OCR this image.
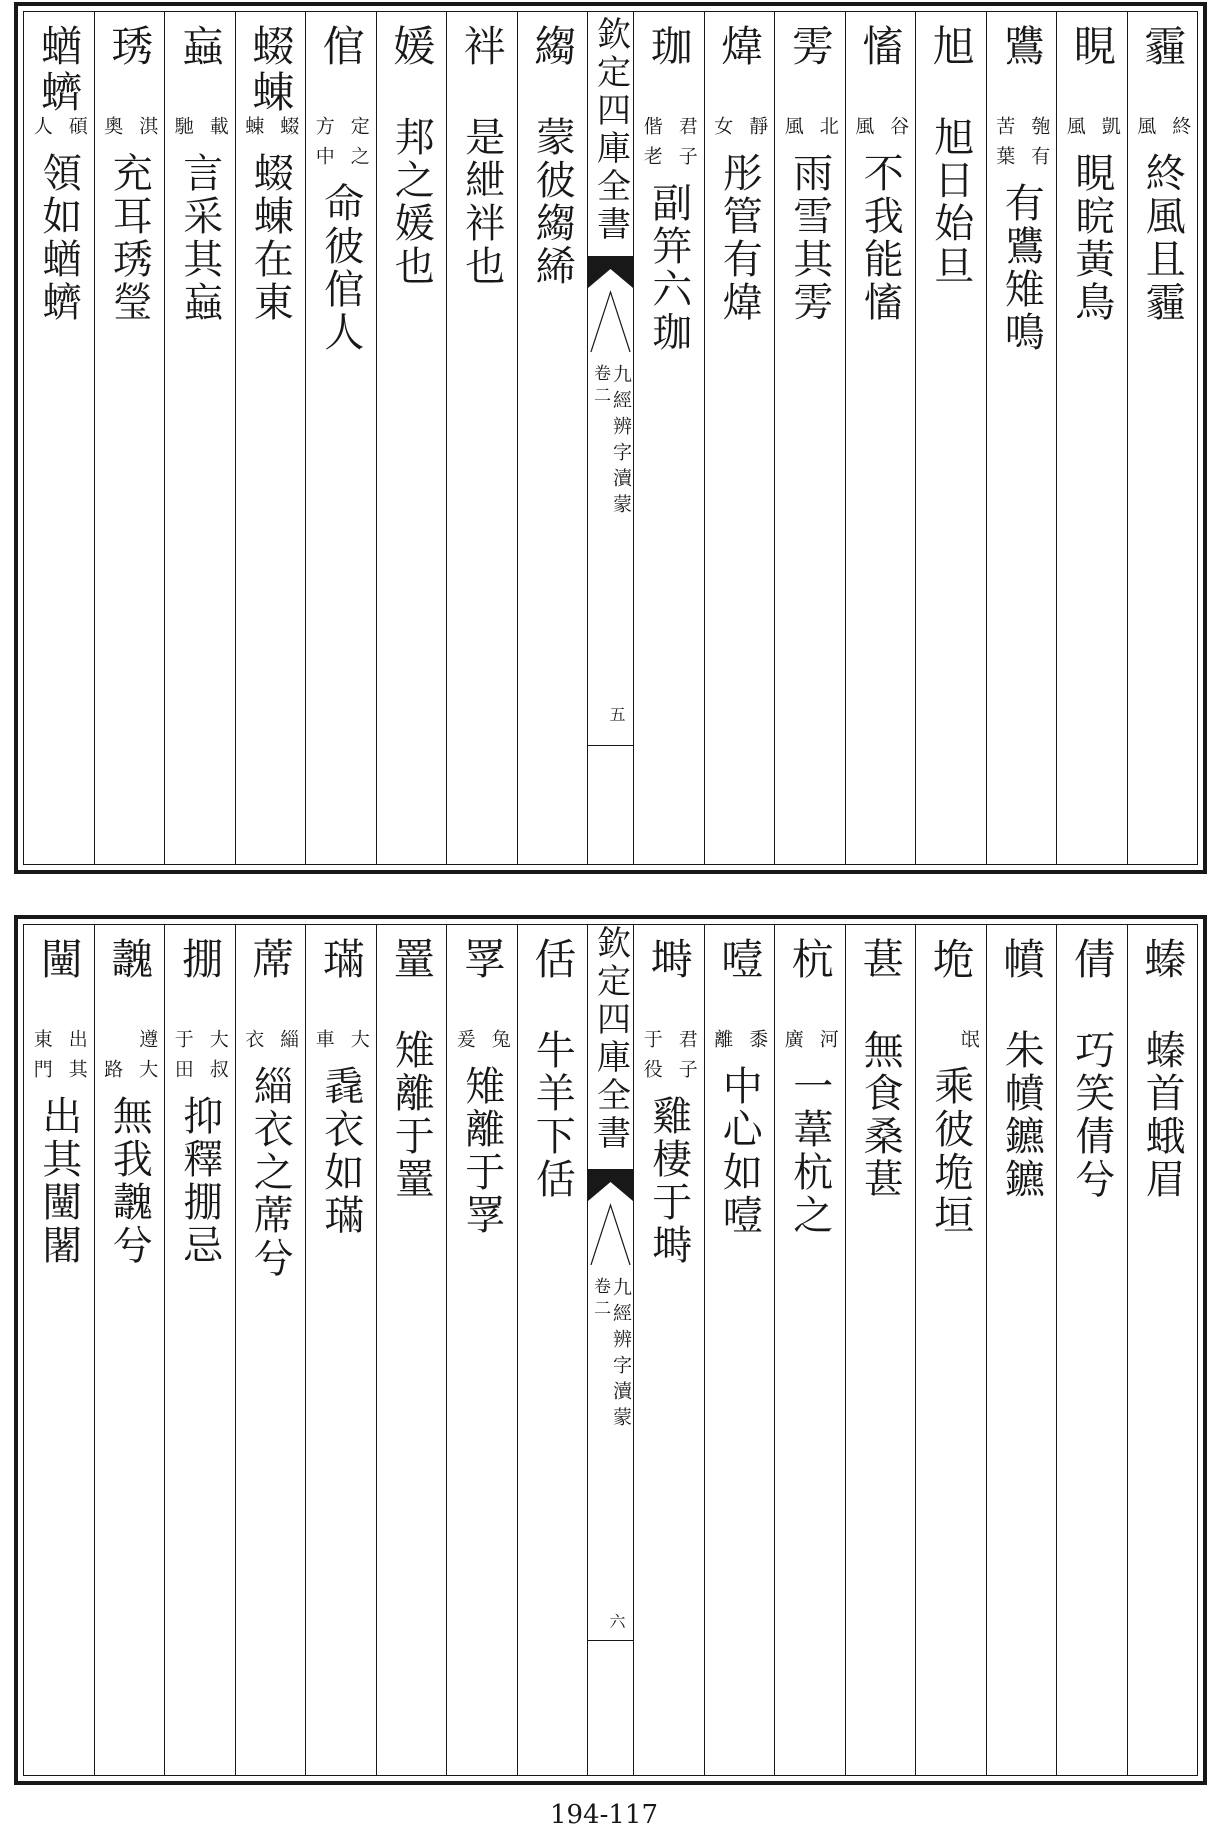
霾
終
風
終風且霾
睍
凱
風
睍睆黃鳥
鷕
匏有
苦葉
有鷕雉鳴
旭
旭日始旦
慉
谷
風
不我能慉
雱
北
風
雨雪其雱
煒
靜
女
彤管有煒
珈
君子
偕老
副笄六珈
欽定四庫全書
九經辨字瀆蒙
卷二
五
縐
蒙彼縐絺
袢
是紲袢也
媛
邦之媛也
倌
定之
方中
命彼倌人
蝃蝀
蝃
蝀
蝃蝀在東
蝱
載
馳
言采其蝱
琇
淇
奧
充耳琇瑩
蝤蠐
碩
人
領如蝤蠐
螓
螓首蛾眉
倩
巧笑倩兮
幩
朱幩鑣鑣
垝
氓
乘彼垝垣
葚
無食桑葚
杭
河
廣
一葦杭之
噎
黍
離
中心如噎
塒
君子
于役
雞棲于塒
欽定四庫全書
九經辨字瀆蒙
卷二
六
佸
牛羊下佸
罦
兔
爰
雉離于罦
罿
雉離于罿
璊
大
車
毳衣如璊
蓆
緇
衣
緇衣之蓆兮
掤
大叔
于田
抑釋掤忌
魗
遵大
路
無我魗兮
闉
出其
東門
出其闉闍
194-117
